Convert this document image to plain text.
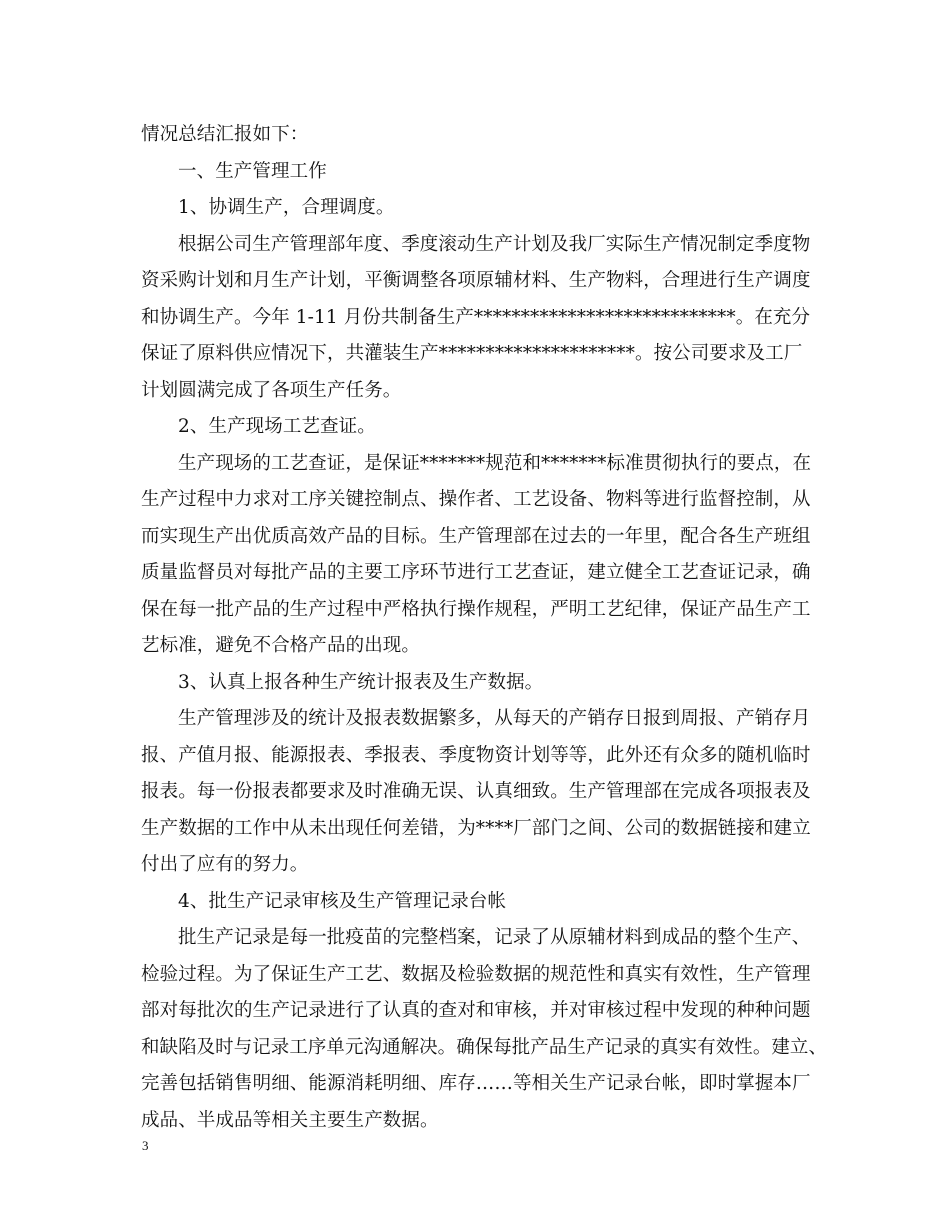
情况总结汇报如下：
一、生产管理工作
1、协调生产，合理调度。
根据公司生产管理部年度、季度滚动生产计划及我厂实际生产情况制定季度物
资采购计划和月生产计划，平衡调整各项原辅材料、生产物料，合理进行生产调度
和协调生产。今年 1-11 月份共制备生产****************************。在充分
保证了原料供应情况下，共灌装生产*********************。按公司要求及工厂
计划圆满完成了各项生产任务。
2、生产现场工艺查证。
生产现场的工艺查证，是保证*******规范和*******标准贯彻执行的要点，在
生产过程中力求对工序关键控制点、操作者、工艺设备、物料等进行监督控制，从
而实现生产出优质高效产品的目标。生产管理部在过去的一年里，配合各生产班组
质量监督员对每批产品的主要工序环节进行工艺查证，建立健全工艺查证记录，确
保在每一批产品的生产过程中严格执行操作规程，严明工艺纪律，保证产品生产工
艺标准，避免不合格产品的出现。
3、认真上报各种生产统计报表及生产数据。
生产管理涉及的统计及报表数据繁多，从每天的产销存日报到周报、产销存月
报、产值月报、能源报表、季报表、季度物资计划等等，此外还有众多的随机临时
报表。每一份报表都要求及时准确无误、认真细致。生产管理部在完成各项报表及
生产数据的工作中从未出现任何差错，为****厂部门之间、公司的数据链接和建立
付出了应有的努力。
4、批生产记录审核及生产管理记录台帐
批生产记录是每一批疫苗的完整档案，记录了从原辅材料到成品的整个生产、
检验过程。为了保证生产工艺、数据及检验数据的规范性和真实有效性，生产管理
部对每批次的生产记录进行了认真的查对和审核，并对审核过程中发现的种种问题
和缺陷及时与记录工序单元沟通解决。确保每批产品生产记录的真实有效性。建立、
完善包括销售明细、能源消耗明细、库存……等相关生产记录台帐，即时掌握本厂
成品、半成品等相关主要生产数据。
3
